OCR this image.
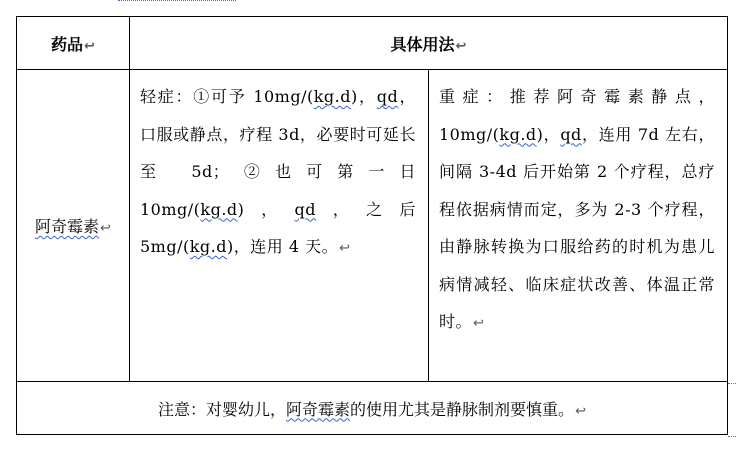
药品↩	具体用法↩	
阿奇霉素↩	轻症：①可予 10mg/(kg.d)，qd，口服或静点，疗程 3d，必要时可延长至 5d；②也可第一日 10mg/(kg.d)，qd，之后 5mg/(kg.d)，连用 4 天。↩	重症：推荐阿奇霉素静点，10mg/(kg.d)，qd，连用 7d 左右，间隔 3-4d 后开始第 2 个疗程，总疗程依据病情而定，多为 2-3 个疗程，由静脉转换为口服给药的时机为患儿病情减轻、临床症状改善、体温正常时。↩

注意：对婴幼儿，阿奇霉素的使用尤其是静脉制剂要慎重。↩		
